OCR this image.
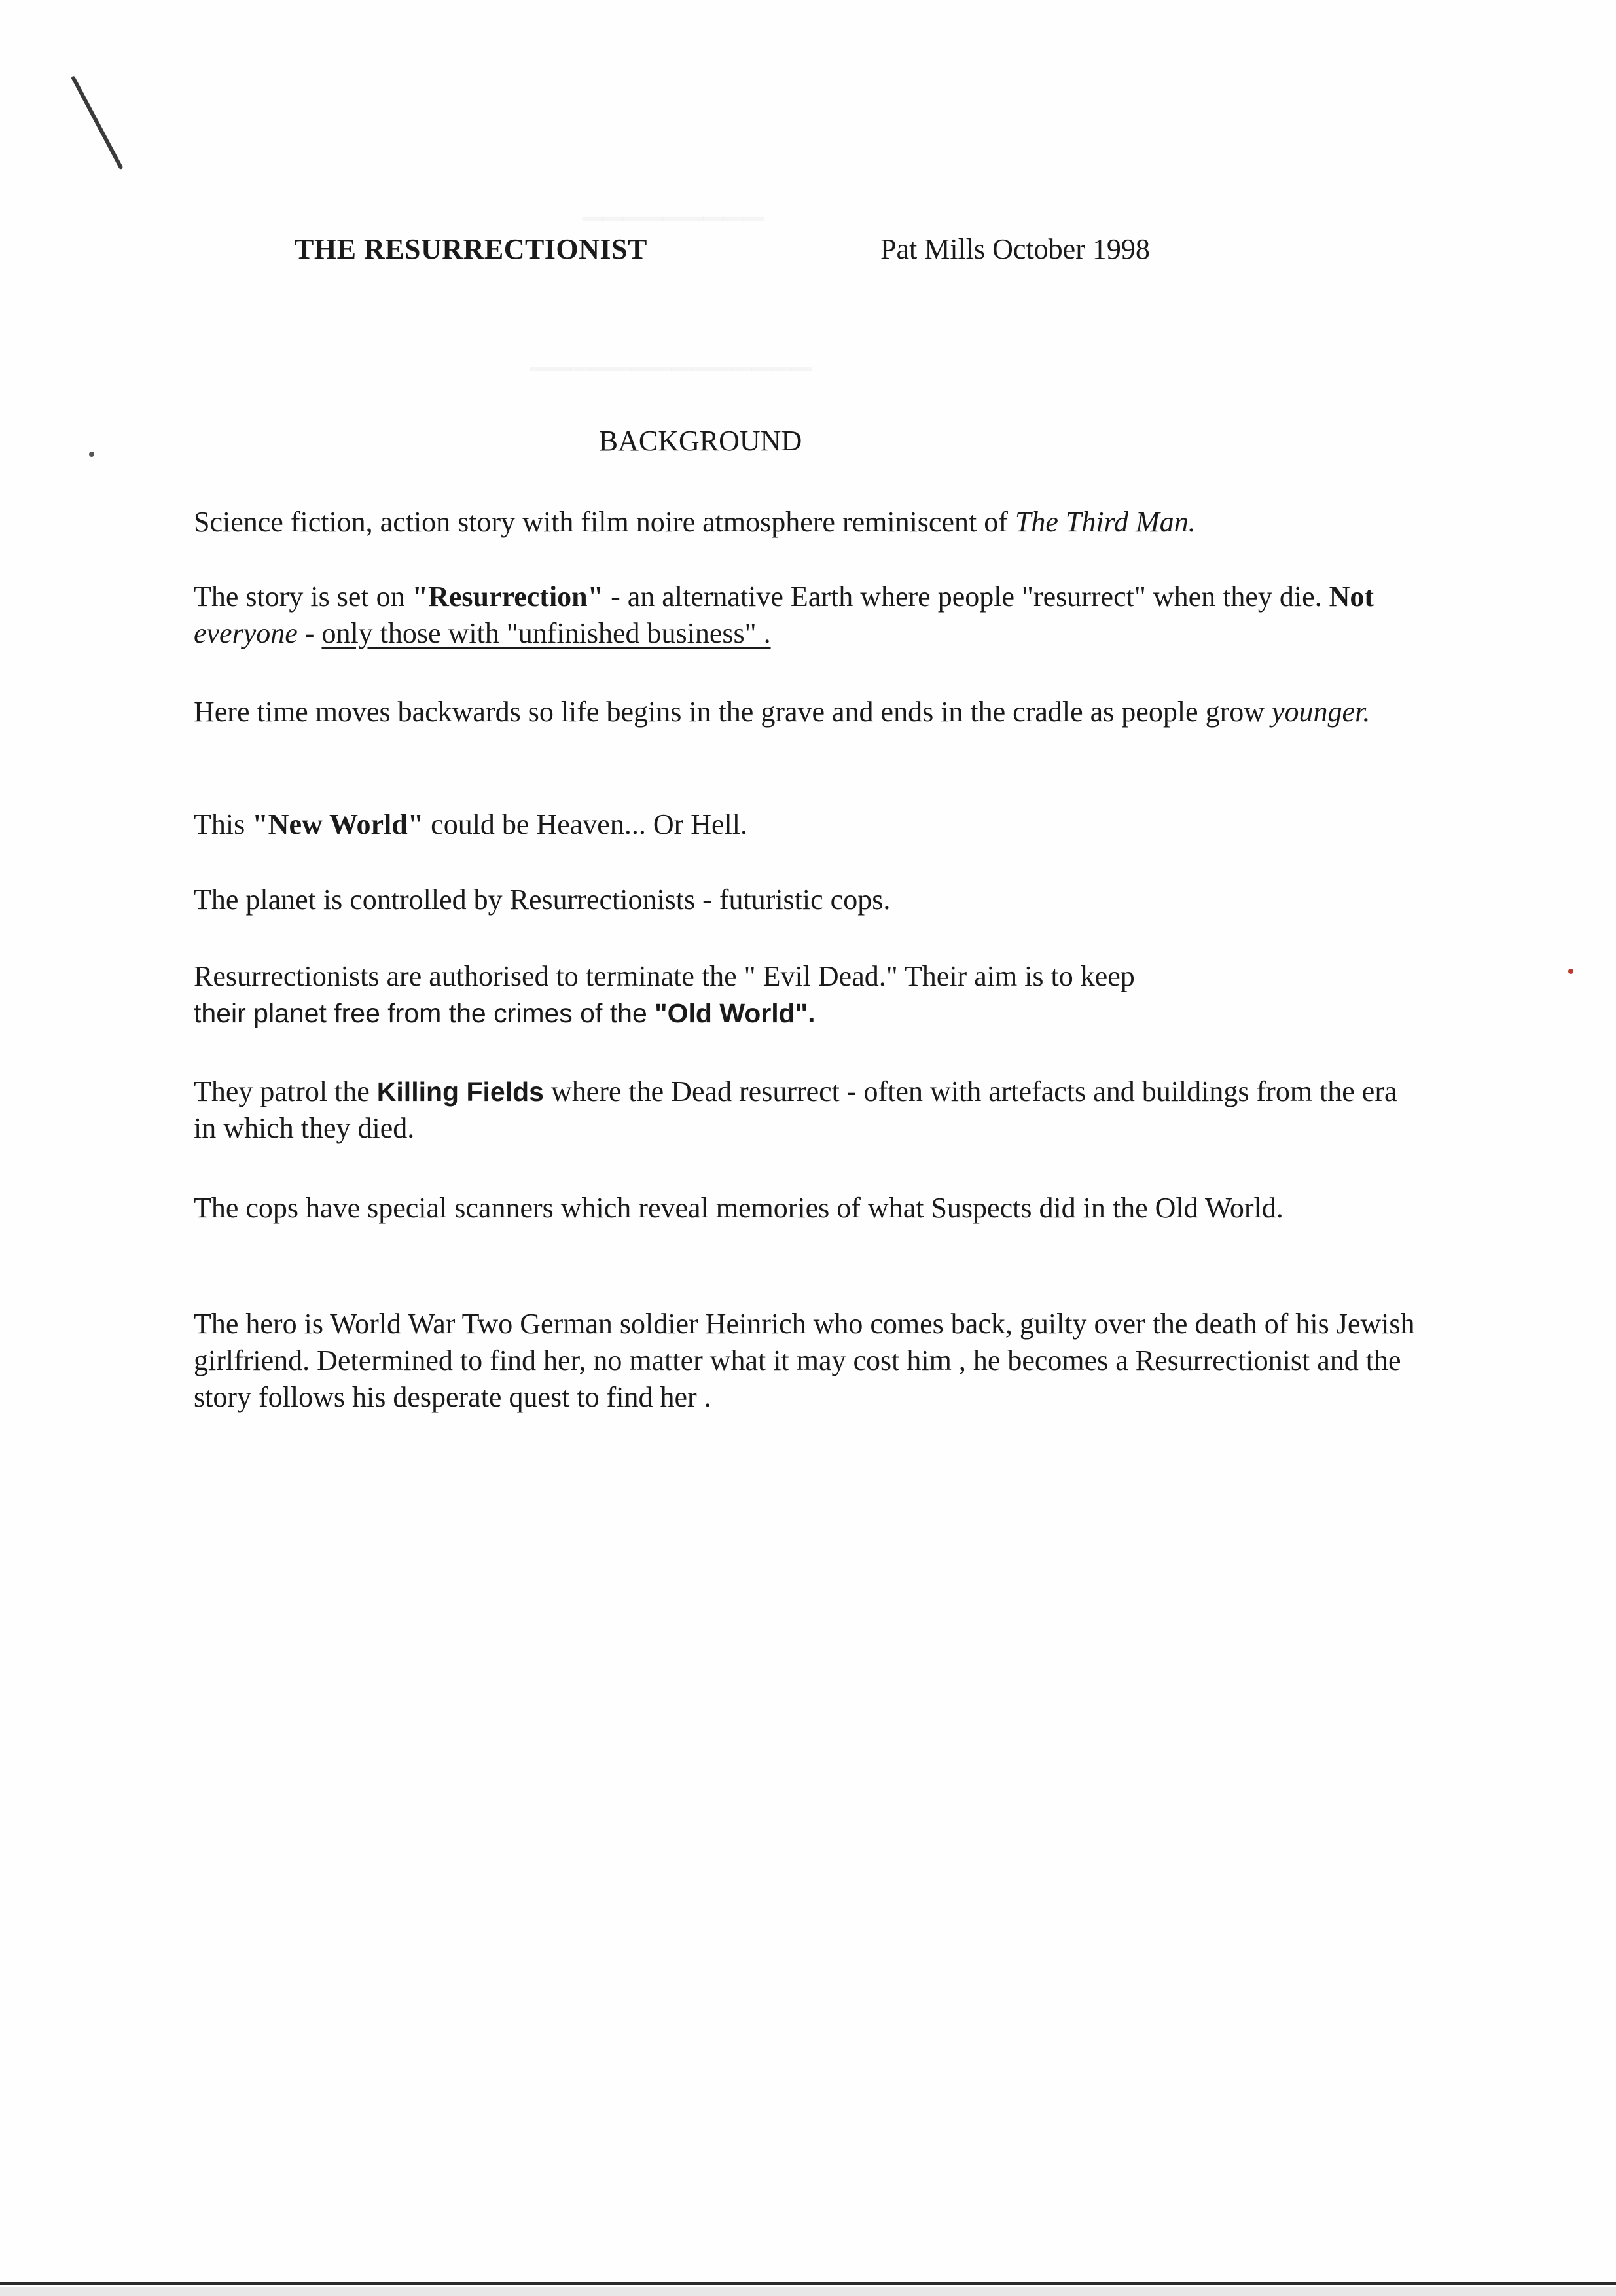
THE RESURRECTIONIST	Pat Mills October 1998
BACKGROUND

Science fiction, action story with film noire atmosphere reminiscent of The Third Man.

The story is set on "Resurrection" - an alternative Earth where people "resurrect" when they die. Not everyone - only those with "unfinished business" .

Here time moves backwards so life begins in the grave and ends in the cradle as people grow younger.

This "New World" could be Heaven... Or Hell.

The planet is controlled by Resurrectionists - futuristic cops.

Resurrectionists are authorised to terminate the " Evil Dead." Their aim is to keep
their planet free from the crimes of the "Old World".

They patrol the Killing Fields where the Dead resurrect - often with artefacts and buildings from the era in which they died.

The cops have special scanners which reveal memories of what Suspects did in the Old World.

The hero is World War Two German soldier Heinrich who comes back, guilty over the death of his Jewish girlfriend. Determined to find her, no matter what it may cost him , he becomes a Resurrectionist and the story follows his desperate quest to find her .
